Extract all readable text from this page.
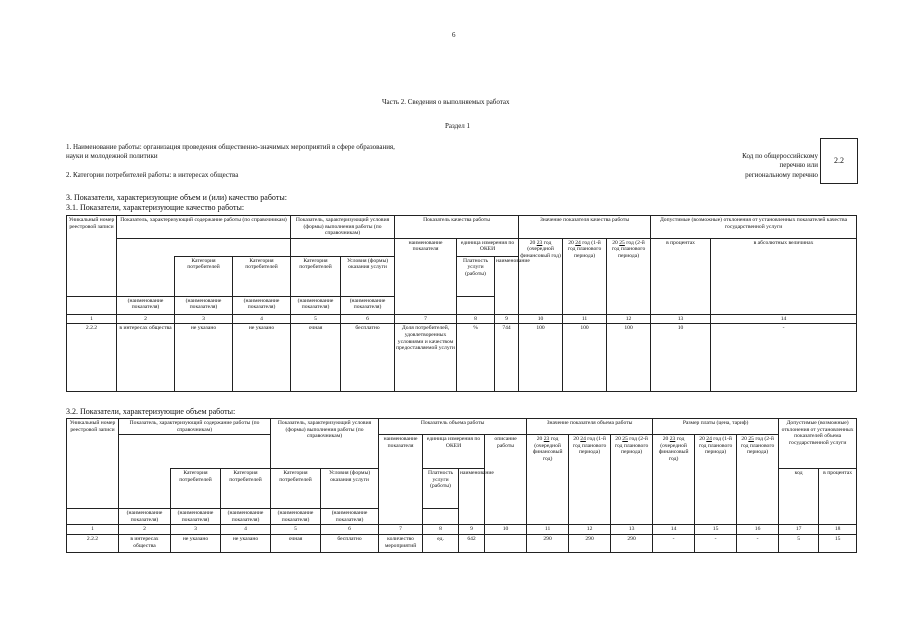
6
Часть 2. Сведения о выполняемых работах
Раздел 1
1. Наименование работы: организация проведения общественно-значимых мероприятий в сфере образования,
науки и молодежной политики
2. Категории потребителей работы: в интересах общества
Код по общероссийскому
перечню или
региональному перечню
2.2
3. Показатели, характеризующие объем и (или) качество работы:
3.1. Показатели, характеризующие качество работы:
Уникальный номер реестровой записи	Показатель, характеризующий содержание работы (по справочникам)			Показатель, характеризующий условия (формы) выполнения работы (по справочникам)		Показатель качества работы			Значение показателя качества работы			Допустимые (возможные) отклонения от установленных показателей качества государственной услуги		
						наименование показателя	единица измерения по ОКЕИ		20 23 год (очередной финансовый год)	20 24 год (1-й год планового периода)	20 25 год (2-й год планового периода)	в процентах	в абсолютных величинах	
		Категория потребителей	Категория потребителей	Категория потребителей	Условия (формы) оказания услуги		Платность услуги (работы)	наименование	
	(наименование показателя)	(наименование показателя)	(наименование показателя)	(наименование показателя)	(наименование показателя)									
1	2	3	4	5	6	7	8	9	10	11	12	13	14	
2.2.2	в интересах общества	не указано	не указано	очная	бесплатно	Доля потребителей, удовлетворенных условиями и качеством предоставляемой услуги	%	744	100	100	100	10	-	
3.2. Показатели, характеризующие объем работы:
Уникальный номер реестровой записи	Показатель, характеризующий содержание работы (по справочникам)			Показатель, характеризующий условия (формы) выполнения работы (по справочникам)		Показатель объема работы				Значение показателя объема работы			Размер платы (цена, тариф)			Допустимые (возможные) отклонения от установленных показателей объема государственной услуги		
						наименование показателя	единица измерения по ОКЕИ		описание работы	20 23 год (очередной финансовый год)	20 24 год (1-й год планового периода)	20 25 год (2-й год планового периода)	20 23 год (очередной финансовый год)	20 24 год (1-й год планового периода)	20 25 год (2-й год планового периода)			
		Категория потребителей	Категория потребителей	Категория потребителей	Условия (формы) оказания услуги		Платность услуги (работы)	наименование								код	в процентах	
	(наименование показателя)	(наименование показателя)	(наименование показателя)	(наименование показателя)	(наименование показателя)													
1	2	3	4	5	6	7	8	9	10	11	12	13	14	15	16	17	18	
2.2.2	в интересах общества	не указано	не указано	очная	бесплатно	количество мероприятий	ед.	642		290	290	290	-	-	-	5	15	
